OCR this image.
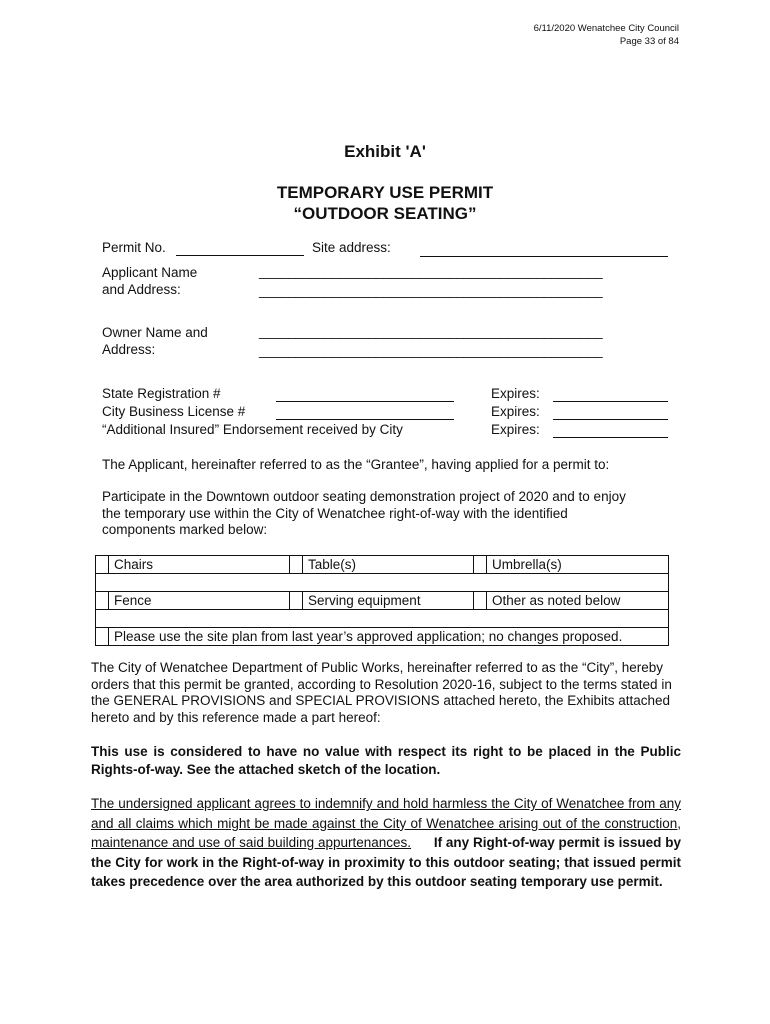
6/11/2020 Wenatchee City Council
Page 33 of 84
Exhibit 'A'
TEMPORARY USE PERMIT
“OUTDOOR SEATING”
Permit No.	Site address:
Applicant Name
and Address:
_______________________________________________
_______________________________________________
Owner Name and
Address:
_______________________________________________
_______________________________________________
State Registration #	Expires:
City Business License #	Expires:
“Additional Insured” Endorsement received by City	Expires:
The Applicant, hereinafter referred to as the “Grantee”, having applied for a permit to:
Participate in the Downtown outdoor seating demonstration project of 2020 and to enjoy the temporary use within the City of Wenatchee right-of-way with the identified components marked below:
	Chairs		Table(s)		Umbrella(s)

	Fence		Serving equipment		Other as noted below

	Please use the site plan from last year’s approved application; no changes proposed.				
The City of Wenatchee Department of Public Works, hereinafter referred to as the “City”, hereby orders that this permit be granted, according to Resolution 2020-16, subject to the terms stated in the GENERAL PROVISIONS and SPECIAL PROVISIONS attached hereto, the Exhibits attached hereto and by this reference made a part hereof:
This use is considered to have no value with respect its right to be placed in the Public Rights-of-way. See the attached sketch of the location.
The undersigned applicant agrees to indemnify and hold harmless the City of Wenatchee from any and all claims which might be made against the City of Wenatchee arising out of the construction, maintenance and use of said building appurtenances. If any Right-of-way permit is issued by the City for work in the Right-of-way in proximity to this outdoor seating; that issued permit takes precedence over the area authorized by this outdoor seating temporary use permit.
